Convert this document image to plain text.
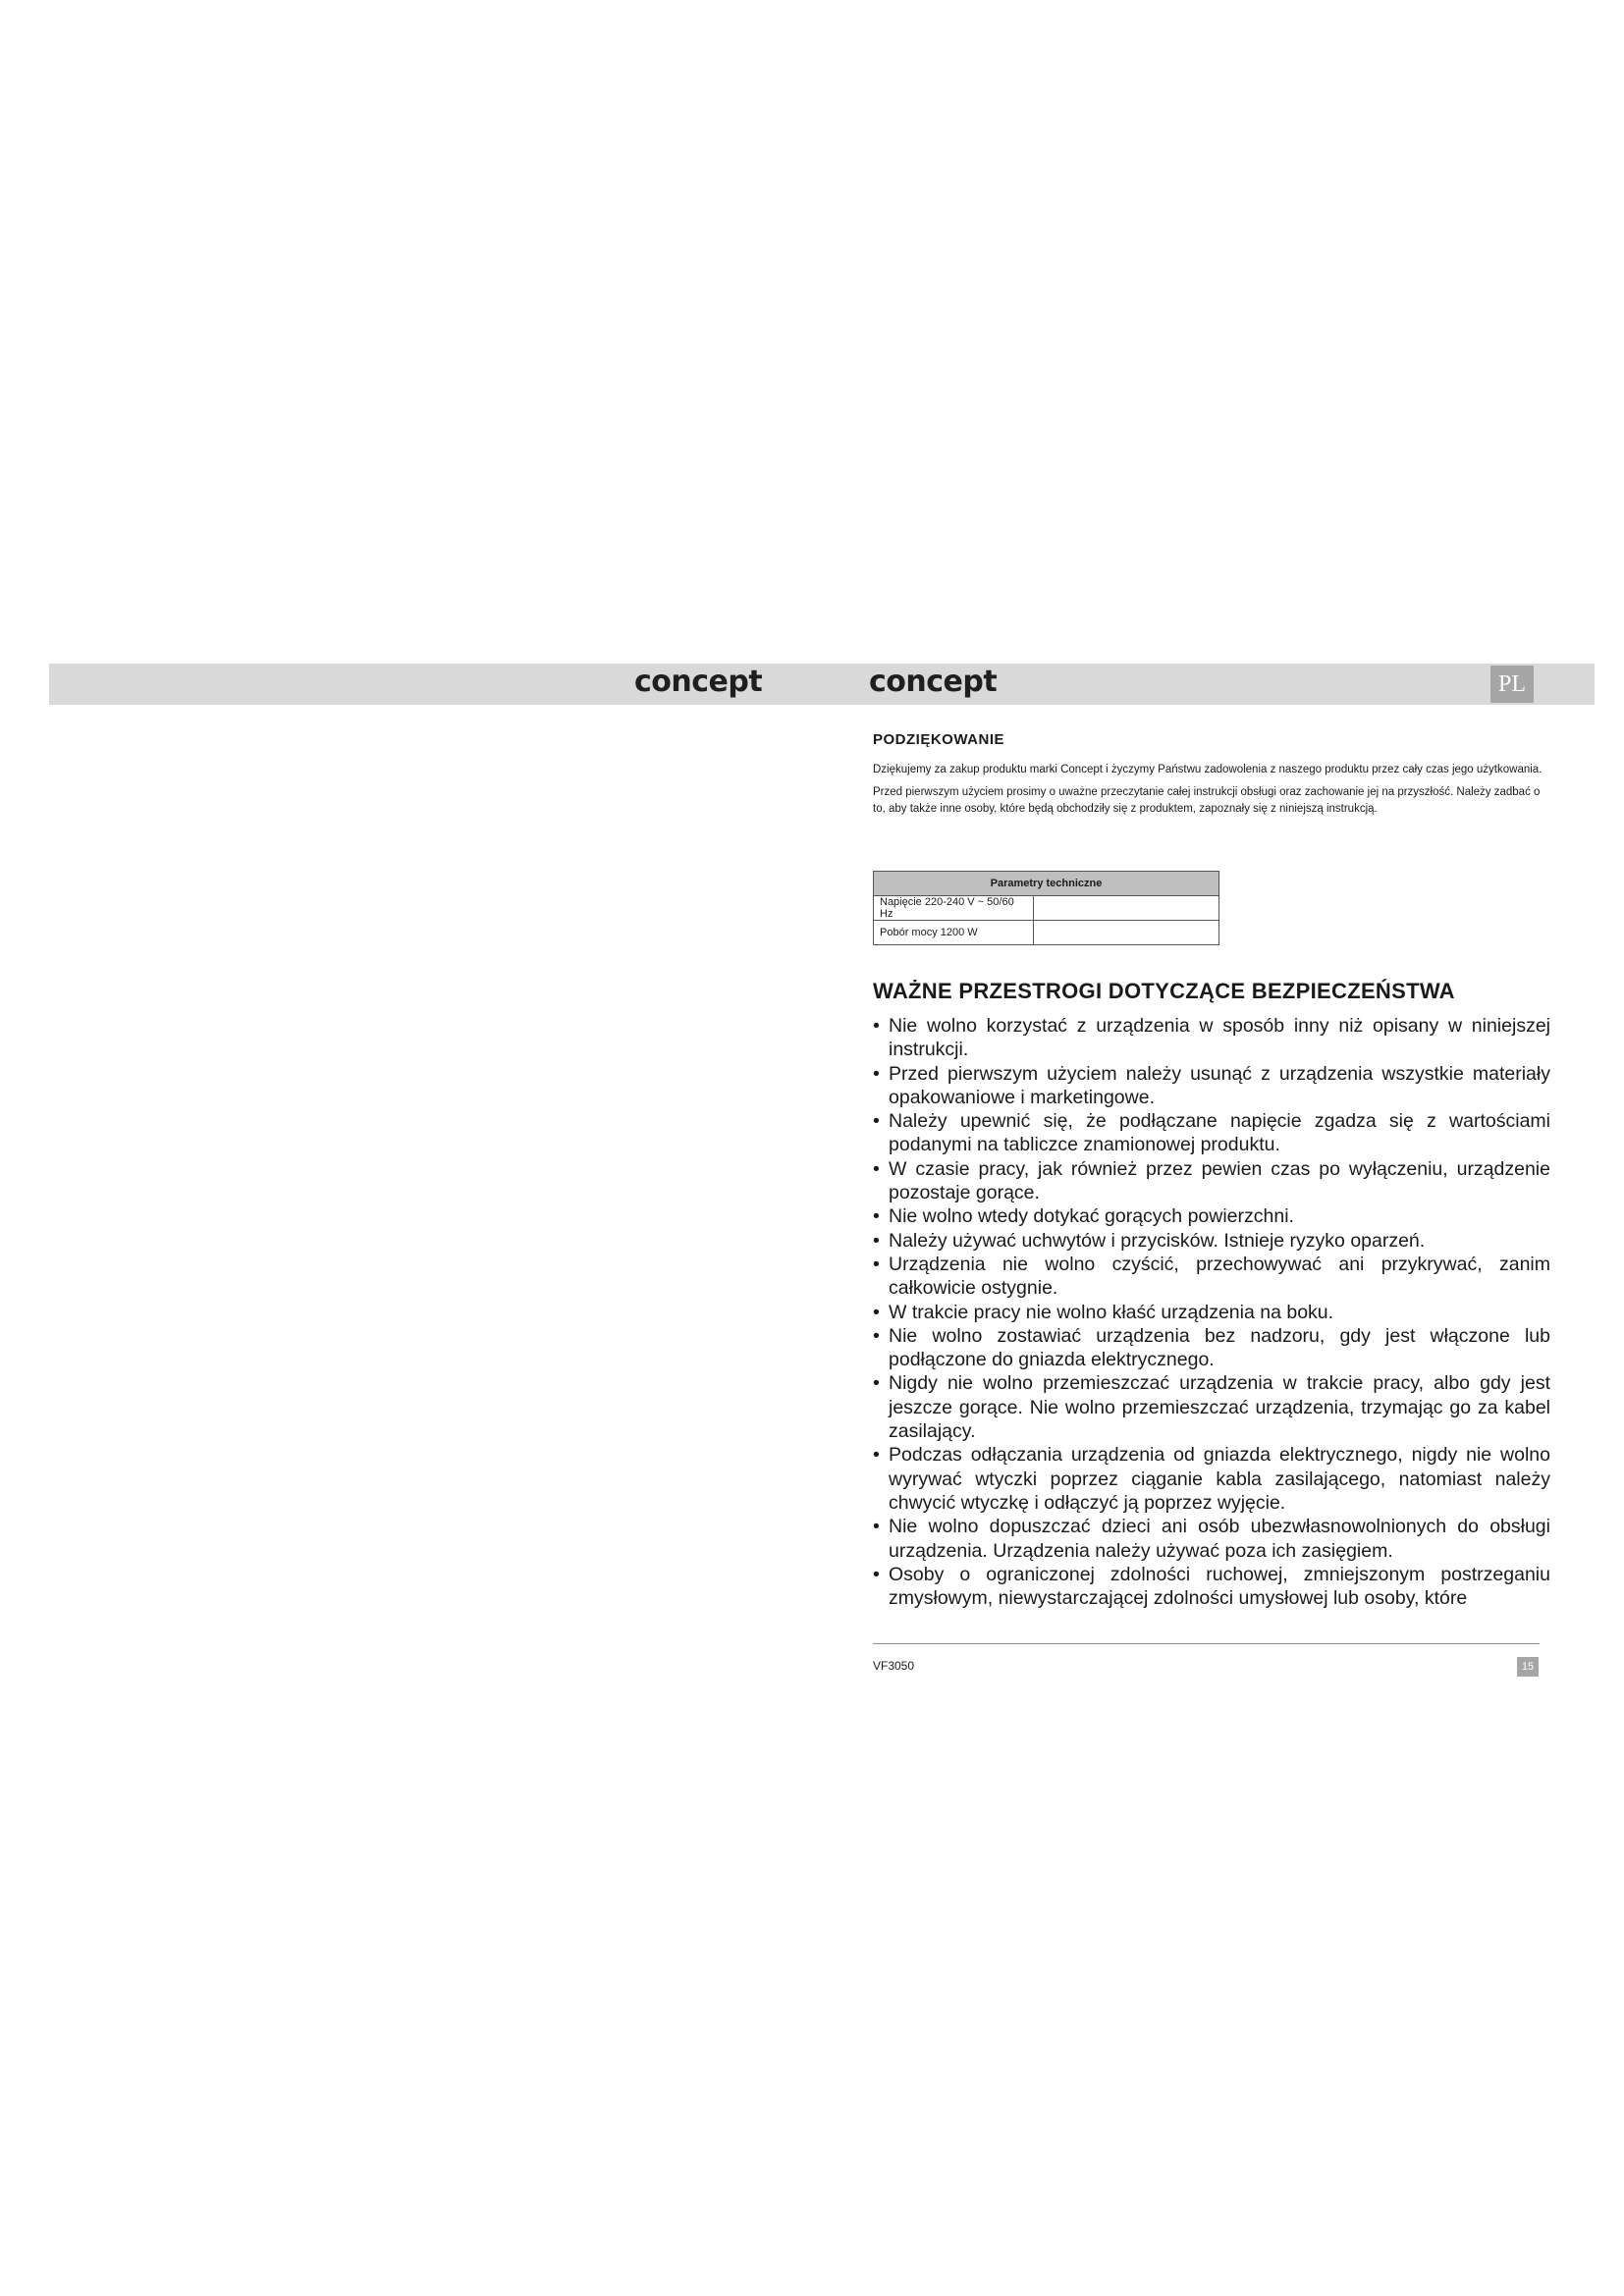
concept	concept	PL
PODZIĘKOWANIE

Dziękujemy za zakup produktu marki Concept i życzymy Państwu zadowolenia z naszego produktu przez cały czas jego użytkowania.

Przed pierwszym użyciem prosimy o uważne przeczytanie całej instrukcji obsługi oraz zachowanie jej na przyszłość. Należy zadbać o to, aby także inne osoby, które będą obchodziły się z produktem, zapoznały się z niniejszą instrukcją.

Parametry techniczne	
Napięcie 220-240 V ~ 50/60 Hz	
Pobór mocy 1200 W	
WAŻNE PRZESTROGI DOTYCZĄCE BEZPIECZEŃSTWA
• Nie wolno korzystać z urządzenia w sposób inny niż opisany w niniejszej instrukcji.
• Przed pierwszym użyciem należy usunąć z urządzenia wszystkie materiały opakowaniowe i marketingowe.
• Należy upewnić się, że podłączane napięcie zgadza się z wartościami podanymi na tabliczce znamionowej produktu.
• W czasie pracy, jak również przez pewien czas po wyłączeniu, urządzenie pozostaje gorące.
• Nie wolno wtedy dotykać gorących powierzchni.
• Należy używać uchwytów i przycisków. Istnieje ryzyko oparzeń.
• Urządzenia nie wolno czyścić, przechowywać ani przykrywać, zanim całkowicie ostygnie.
• W trakcie pracy nie wolno kłaść urządzenia na boku.
• Nie wolno zostawiać urządzenia bez nadzoru, gdy jest włączone lub podłączone do gniazda elektrycznego.
• Nigdy nie wolno przemieszczać urządzenia w trakcie pracy, albo gdy jest jeszcze gorące. Nie wolno przemieszczać urządzenia, trzymając go za kabel zasilający.
• Podczas odłączania urządzenia od gniazda elektrycznego, nigdy nie wolno wyrywać wtyczki poprzez ciąganie kabla zasilającego, natomiast należy chwycić wtyczkę i odłączyć ją poprzez wyjęcie.
• Nie wolno dopuszczać dzieci ani osób ubezwłasnowolnionych do obsługi urządzenia. Urządzenia należy używać poza ich zasięgiem.
• Osoby o ograniczonej zdolności ruchowej, zmniejszonym postrzeganiu zmysłowym, niewystarczającej zdolności umysłowej lub osoby, które
VF3050	15
